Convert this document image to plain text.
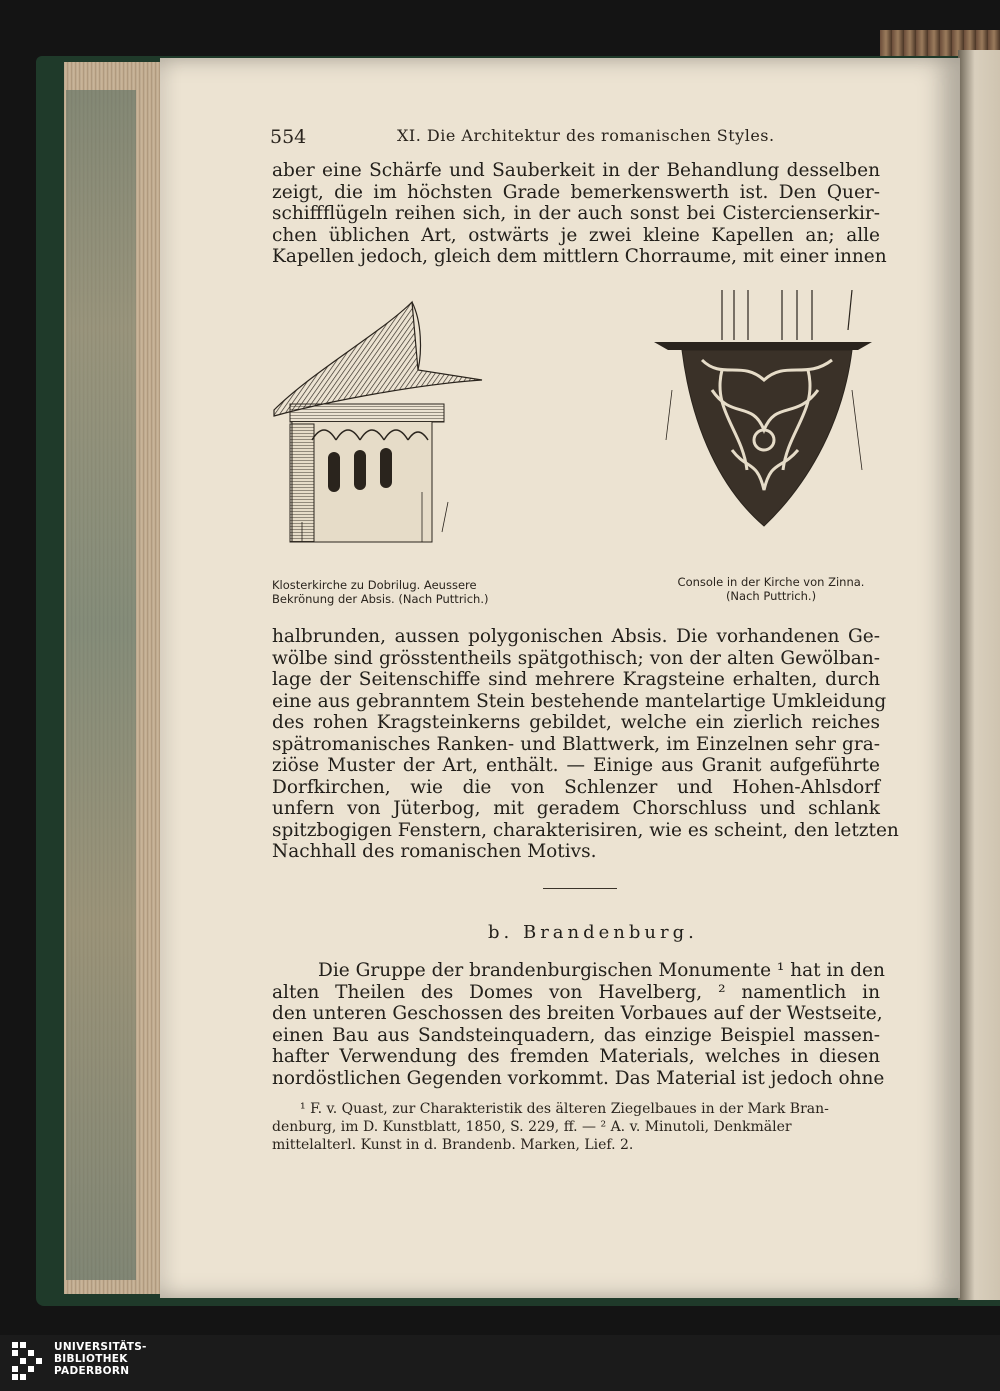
554	XI. Die Architektur des romanischen Styles.
aber eine Schärfe und Sauberkeit in der Behandlung desselben
zeigt, die im höchsten Grade bemerkenswerth ist. Den Quer-
schiffflügeln reihen sich, in der auch sonst bei Cistercienserkir-
chen üblichen Art, ostwärts je zwei kleine Kapellen an; alle
Kapellen jedoch, gleich dem mittlern Chorraume, mit einer innen
Klosterkirche zu Dobrilug. Aeussere
Bekrönung der Absis. (Nach Puttrich.)
Console in der Kirche von Zinna.
(Nach Puttrich.)
halbrunden, aussen polygonischen Absis. Die vorhandenen Ge-
wölbe sind grösstentheils spätgothisch; von der alten Gewölban-
lage der Seitenschiffe sind mehrere Kragsteine erhalten, durch
eine aus gebranntem Stein bestehende mantelartige Umkleidung
des rohen Kragsteinkerns gebildet, welche ein zierlich reiches
spätromanisches Ranken- und Blattwerk, im Einzelnen sehr gra-
ziöse Muster der Art, enthält. — Einige aus Granit aufgeführte
Dorfkirchen, wie die von Schlenzer und Hohen-Ahlsdorf
unfern von Jüterbog, mit geradem Chorschluss und schlank
spitzbogigen Fenstern, charakterisiren, wie es scheint, den letzten
Nachhall des romanischen Motivs.
b. Brandenburg.
Die Gruppe der brandenburgischen Monumente ¹ hat in den
alten Theilen des Domes von Havelberg, ² namentlich in
den unteren Geschossen des breiten Vorbaues auf der Westseite,
einen Bau aus Sandsteinquadern, das einzige Beispiel massen-
hafter Verwendung des fremden Materials, welches in diesen
nordöstlichen Gegenden vorkommt. Das Material ist jedoch ohne
¹ F. v. Quast, zur Charakteristik des älteren Ziegelbaues in der Mark Bran-
denburg, im D. Kunstblatt, 1850, S. 229, ff. — ² A. v. Minutoli, Denkmäler
mittelalterl. Kunst in d. Brandenb. Marken, Lief. 2.
UNIVERSITÄTS-
BIBLIOTHEK
PADERBORN
